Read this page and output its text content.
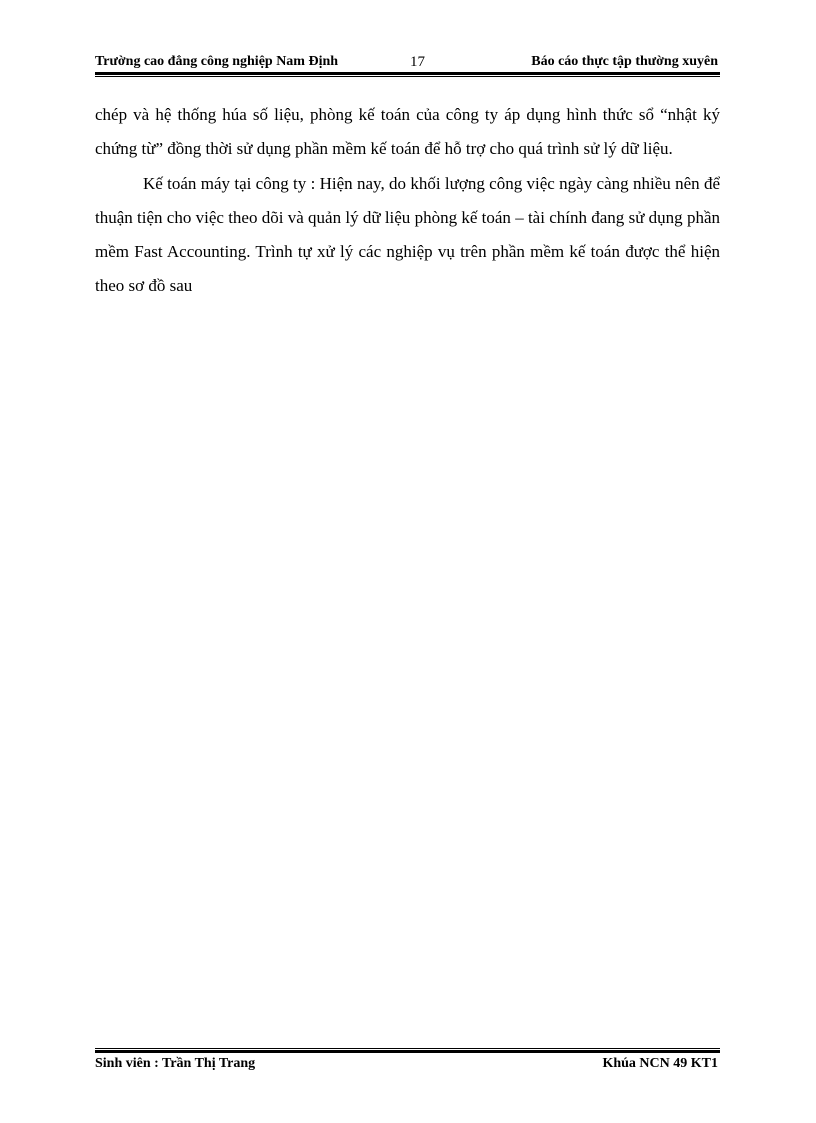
Trường cao đẳng công nghiệp Nam Định	17	Báo cáo thực tập thường xuyên

chép và hệ thống húa số liệu, phòng kế toán của công ty áp dụng hình thức sổ “nhật ký chứng từ” đồng thời sử dụng phần mềm kế toán để hỗ trợ cho quá trình sử lý dữ liệu.

Kế toán máy tại công ty : Hiện nay, do khối lượng công việc ngày càng nhiều nên để thuận tiện cho việc theo dõi và quản lý dữ liệu phòng kế toán – tài chính đang sử dụng phần mềm Fast Accounting. Trình tự xử lý các nghiệp vụ trên phần mềm kế toán được thể hiện theo sơ đồ sau

Sinh viên : Trần Thị Trang	Khúa NCN 49 KT1
